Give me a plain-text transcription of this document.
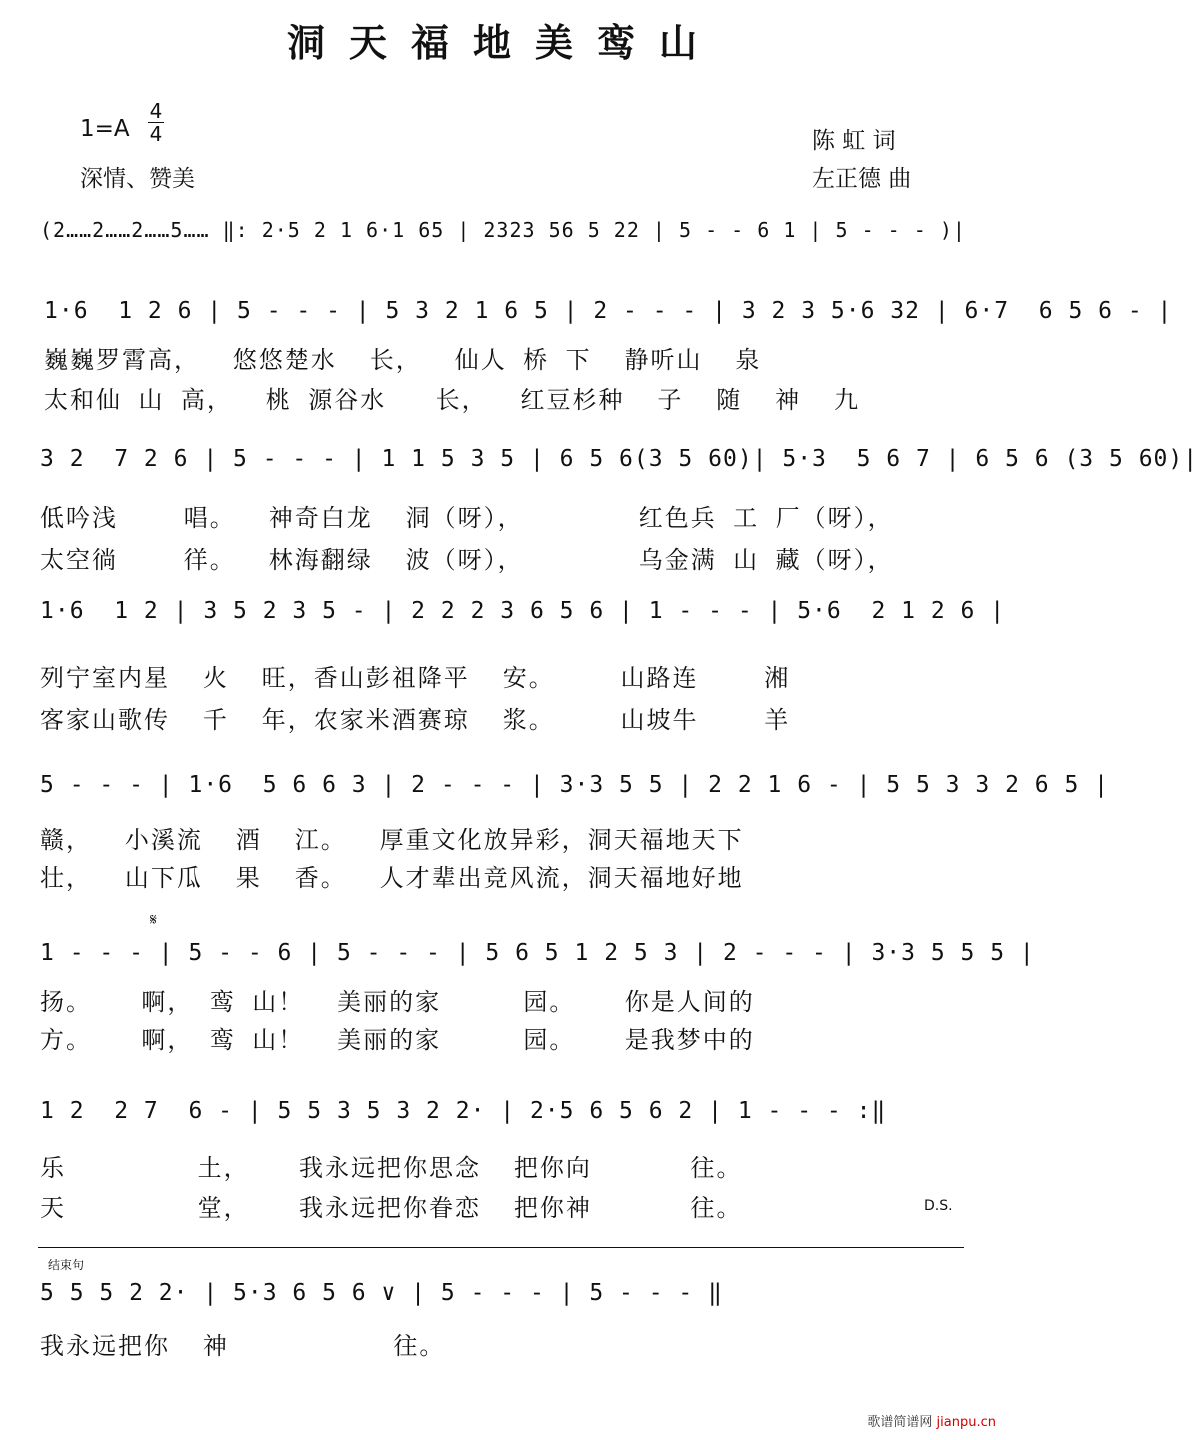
洞天福地美鸾山
1=A
4
4
深情、赞美
陈 虹 词
左正德 曲
(2……2……2……5…… ‖: 2·5 2 1 6·1 65 | 2323 56 5 22 | 5 - - 6 1 | 5 - - - )|
1·6  1 2 6 | 5 - - - | 5 3 2 1 6 5 | 2 - - - | 3 2 3 5·6 32 | 6·7  6 5 6 - |
巍巍罗霄高，  悠悠楚水  长，  仙人 桥 下  静听山  泉
太和仙 山 高，  桃 源谷水   长，  红豆杉种  子  随  神  九
3 2  7 2 6 | 5 - - - | 1 1 5 3 5 | 6 5 6(3 5 60)| 5·3  5 6 7 | 6 5 6 (3 5 60)|
低吟浅    唱。  神奇白龙  洞（呀），       红色兵 工 厂（呀），
太空徜    徉。  林海翻绿  波（呀），       乌金满 山 藏（呀），
1·6  1 2 | 3 5 2 3 5 - | 2 2 2 3 6 5 6 | 1 - - - | 5·6  2 1 2 6 |
列宁室内星  火  旺，香山彭祖降平  安。    山路连    湘
客家山歌传  千  年，农家米酒赛琼  浆。    山坡牛    羊
5 - - - | 1·6  5 6 6 3 | 2 - - - | 3·3 5 5 | 2 2 1 6 - | 5 5 3 3 2 6 5 |
赣，  小溪流  酒  江。  厚重文化放异彩，洞天福地天下
壮，  山下瓜  果  香。  人才辈出竞风流，洞天福地好地
𝄋
1 - - - | 5 - - 6 | 5 - - - | 5 6 5 1 2 5 3 | 2 - - - | 3·3 5 5 5 |
扬。   啊， 鸾 山！  美丽的家     园。   你是人间的
方。   啊， 鸾 山！  美丽的家     园。   是我梦中的
1 2  2 7  6 - | 5 5 3 5 3 2 2· | 2·5 6 5 6 2 | 1 - - - :‖
乐        土，   我永远把你思念  把你向      往。
天        堂，   我永远把你眷恋  把你神      往。	D.S.
结束句
5 5 5 2 2· | 5·3 6 5 6 ∨ | 5 - - - | 5 - - - ‖
我永远把你  神          往。
歌谱简谱网 jianpu.cn
